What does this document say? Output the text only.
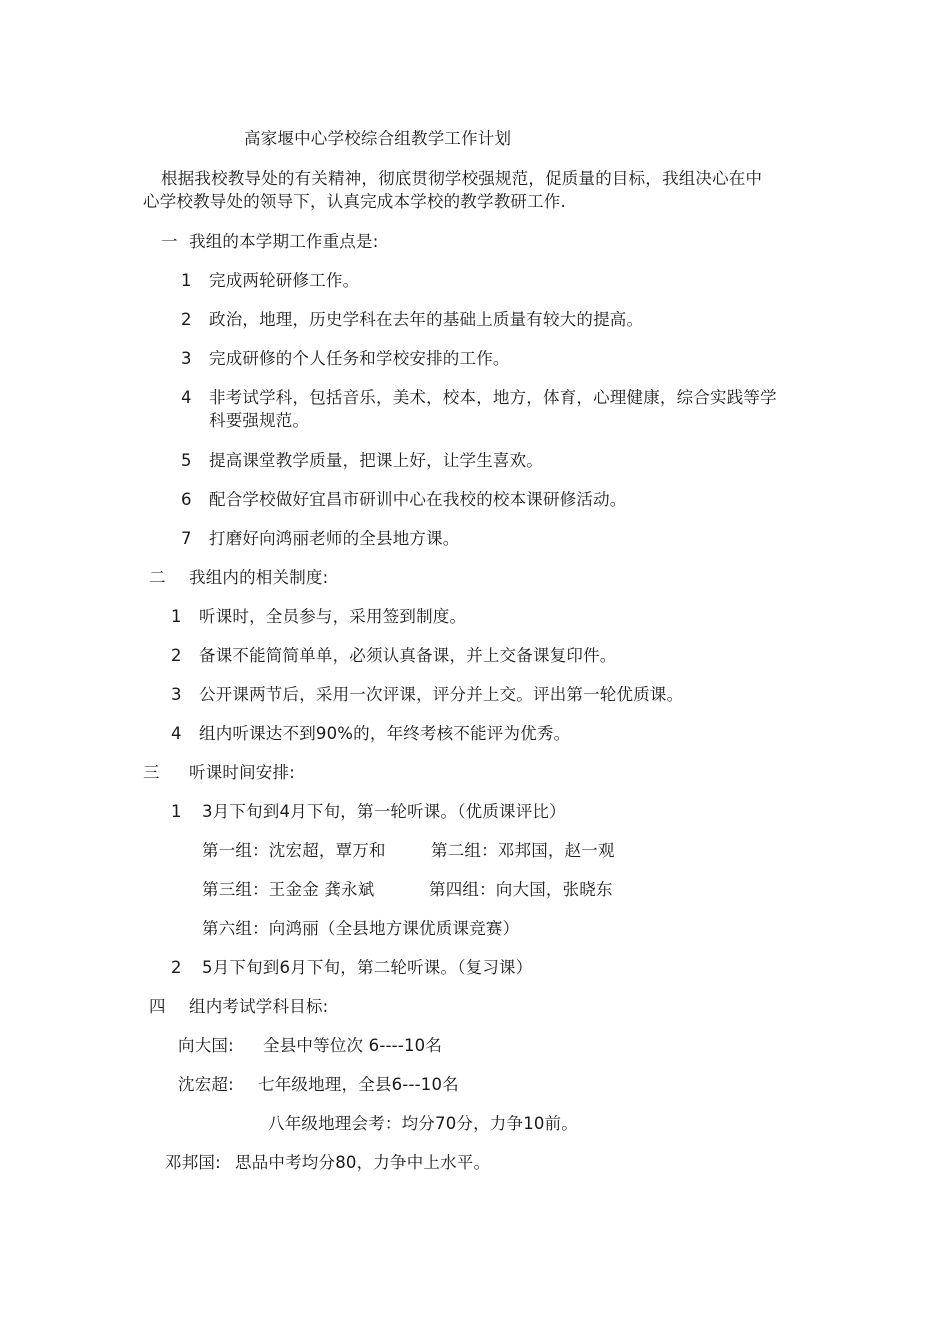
高家堰中心学校综合组教学工作计划
根据我校教导处的有关精神，彻底贯彻学校强规范，促质量的目标，我组决心在中
心学校教导处的领导下，认真完成本学校的教学教研工作.
一 我组的本学期工作重点是:
1 完成两轮研修工作。
2 政治，地理，历史学科在去年的基础上质量有较大的提高。
3 完成研修的个人任务和学校安排的工作。
4 非考试学科，包括音乐，美术，校本，地方，体育，心理健康，综合实践等学
科要强规范。
5 提高课堂教学质量，把课上好，让学生喜欢。
6 配合学校做好宜昌市研训中心在我校的校本课研修活动。
7 打磨好向鸿丽老师的全县地方课。
二 我组内的相关制度:
1 听课时，全员参与，采用签到制度。
2 备课不能简简单单，必须认真备课，并上交备课复印件。
3 公开课两节后，采用一次评课，评分并上交。评出第一轮优质课。
4 组内听课达不到90%的，年终考核不能评为优秀。
三 听课时间安排:
1 3月下旬到4月下旬，第一轮听课。（优质课评比）
第一组：沈宏超，覃万和	第二组：邓邦国，赵一观
第三组：王金金 龚永斌	第四组：向大国，张晓东
第六组：向鸿丽（全县地方课优质课竞赛）
2 5月下旬到6月下旬，第二轮听课。（复习课）
四 组内考试学科目标:
向大国: 全县中等位次 6----10名
沈宏超: 七年级地理，全县6---10名
八年级地理会考：均分70分，力争10前。
邓邦国: 思品中考均分80，力争中上水平。
